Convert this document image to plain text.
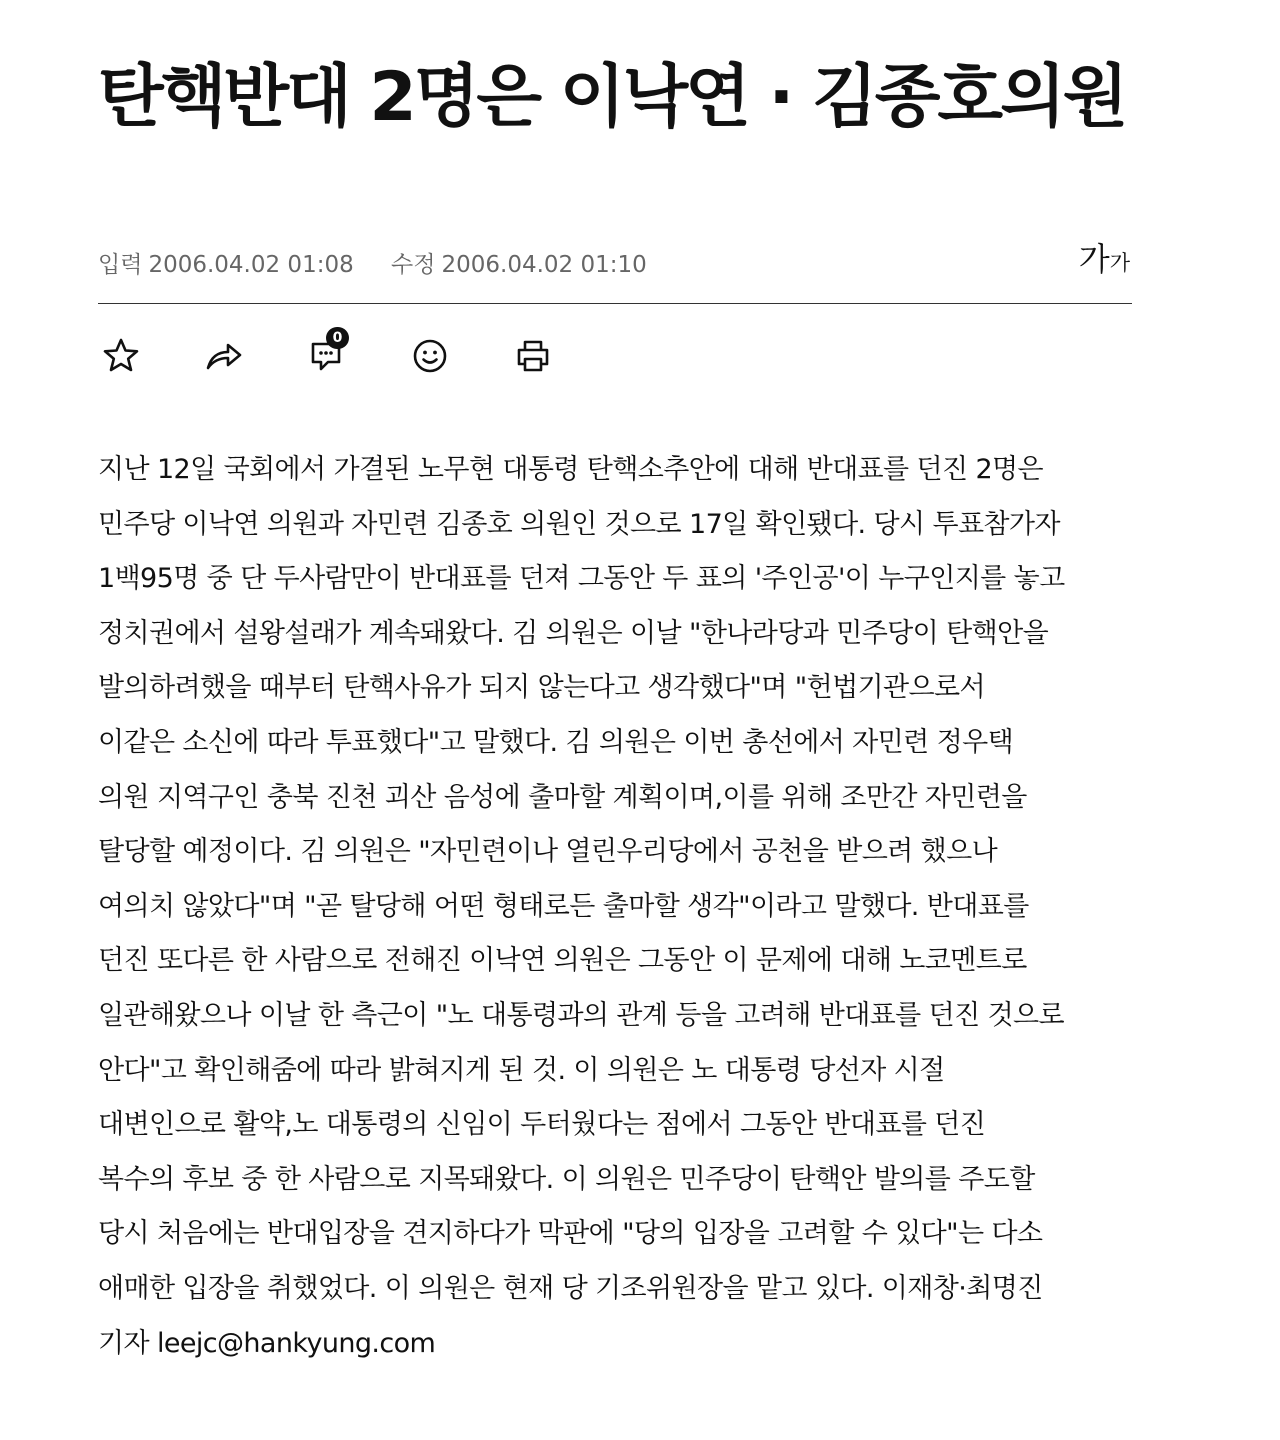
탄핵반대 2명은 이낙연 · 김종호의원
입력 2006.04.02 01:08 수정 2006.04.02 01:10	가가
0
지난 12일 국회에서 가결된 노무현 대통령 탄핵소추안에 대해 반대표를 던진 2명은
민주당 이낙연 의원과 자민련 김종호 의원인 것으로 17일 확인됐다. 당시 투표참가자
1백95명 중 단 두사람만이 반대표를 던져 그동안 두 표의 '주인공'이 누구인지를 놓고
정치권에서 설왕설래가 계속돼왔다. 김 의원은 이날 "한나라당과 민주당이 탄핵안을
발의하려했을 때부터 탄핵사유가 되지 않는다고 생각했다"며 "헌법기관으로서
이같은 소신에 따라 투표했다"고 말했다. 김 의원은 이번 총선에서 자민련 정우택
의원 지역구인 충북 진천 괴산 음성에 출마할 계획이며,이를 위해 조만간 자민련을
탈당할 예정이다. 김 의원은 "자민련이나 열린우리당에서 공천을 받으려 했으나
여의치 않았다"며 "곧 탈당해 어떤 형태로든 출마할 생각"이라고 말했다. 반대표를
던진 또다른 한 사람으로 전해진 이낙연 의원은 그동안 이 문제에 대해 노코멘트로
일관해왔으나 이날 한 측근이 "노 대통령과의 관계 등을 고려해 반대표를 던진 것으로
안다"고 확인해줌에 따라 밝혀지게 된 것. 이 의원은 노 대통령 당선자 시절
대변인으로 활약,노 대통령의 신임이 두터웠다는 점에서 그동안 반대표를 던진
복수의 후보 중 한 사람으로 지목돼왔다. 이 의원은 민주당이 탄핵안 발의를 주도할
당시 처음에는 반대입장을 견지하다가 막판에 "당의 입장을 고려할 수 있다"는 다소
애매한 입장을 취했었다. 이 의원은 현재 당 기조위원장을 맡고 있다. 이재창·최명진
기자 leejc@hankyung.com
